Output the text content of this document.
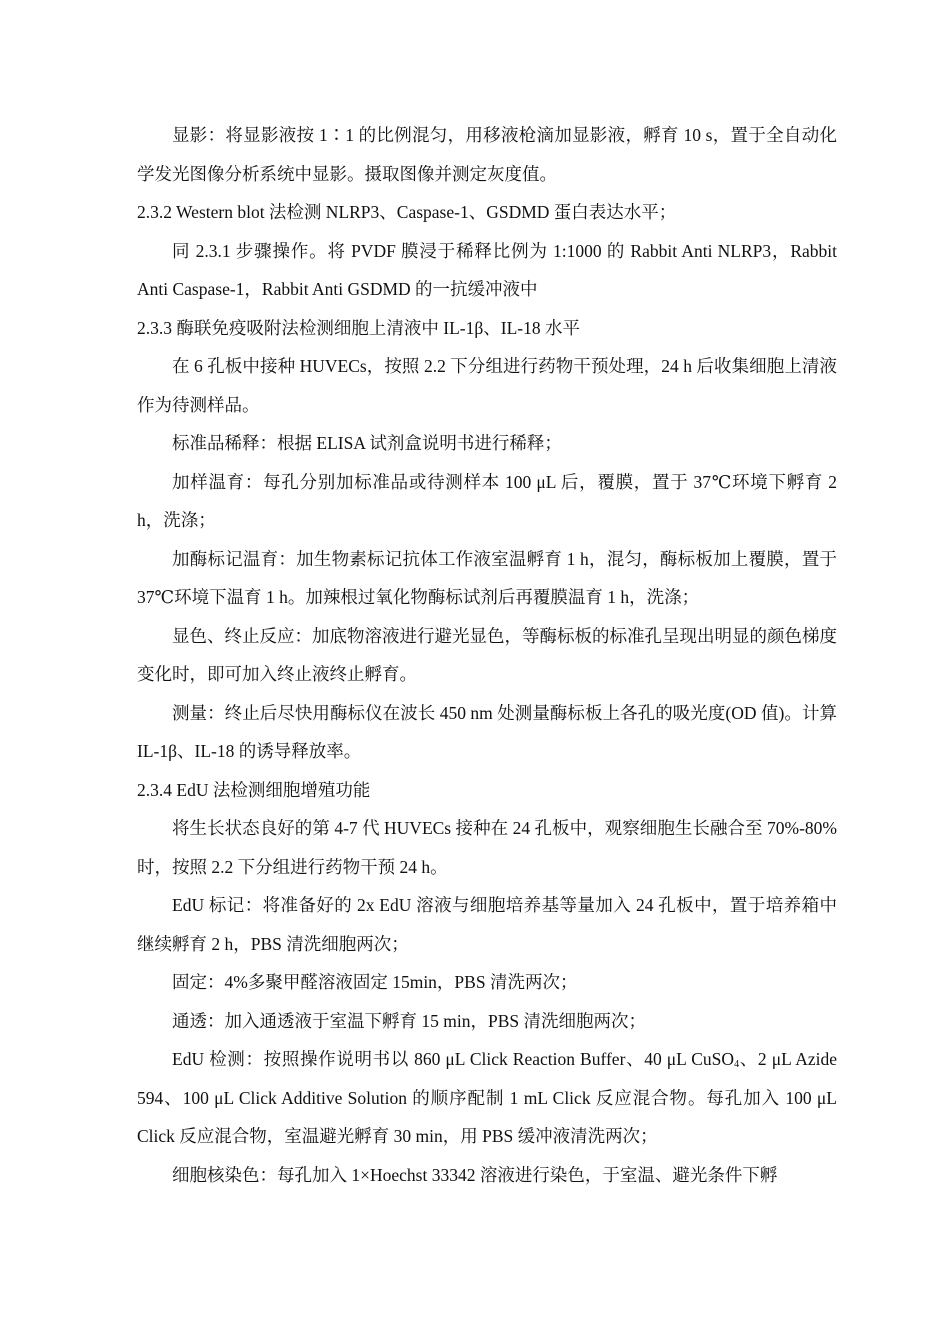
显影：将显影液按 1∶1 的比例混匀，用移液枪滴加显影液，孵育 10 s，置于全自动化学发光图像分析系统中显影。摄取图像并测定灰度值。

2.3.2 Western blot 法检测 NLRP3、Caspase-1、GSDMD 蛋白表达水平；

同 2.3.1 步骤操作。将 PVDF 膜浸于稀释比例为 1:1000 的 Rabbit Anti NLRP3，Rabbit Anti Caspase-1，Rabbit Anti GSDMD 的一抗缓冲液中

2.3.3 酶联免疫吸附法检测细胞上清液中 IL-1β、IL-18 水平

在 6 孔板中接种 HUVECs，按照 2.2 下分组进行药物干预处理，24 h 后收集细胞上清液作为待测样品。

标准品稀释：根据 ELISA 试剂盒说明书进行稀释；

加样温育：每孔分别加标准品或待测样本 100 μL 后，覆膜，置于 37℃环境下孵育 2 h，洗涤；

加酶标记温育：加生物素标记抗体工作液室温孵育 1 h，混匀，酶标板加上覆膜，置于 37℃环境下温育 1 h。加辣根过氧化物酶标试剂后再覆膜温育 1 h，洗涤；

显色、终止反应：加底物溶液进行避光显色，等酶标板的标准孔呈现出明显的颜色梯度变化时，即可加入终止液终止孵育。

测量：终止后尽快用酶标仪在波长 450 nm 处测量酶标板上各孔的吸光度(OD 值)。计算 IL-1β、IL-18 的诱导释放率。

2.3.4 EdU 法检测细胞增殖功能

将生长状态良好的第 4-7 代 HUVECs 接种在 24 孔板中，观察细胞生长融合至 70%-80%时，按照 2.2 下分组进行药物干预 24 h。

EdU 标记：将准备好的 2x EdU 溶液与细胞培养基等量加入 24 孔板中，置于培养箱中继续孵育 2 h，PBS 清洗细胞两次；

固定：4%多聚甲醛溶液固定 15min，PBS 清洗两次；

通透：加入通透液于室温下孵育 15 min，PBS 清洗细胞两次；

EdU 检测：按照操作说明书以 860 μL Click Reaction Buffer、40 μL CuSO$_4$、2 μL Azide 594、100 μL Click Additive Solution 的顺序配制 1 mL Click 反应混合物。每孔加入 100 μL Click 反应混合物，室温避光孵育 30 min，用 PBS 缓冲液清洗两次；

细胞核染色：每孔加入 1×Hoechst 33342 溶液进行染色，于室温、避光条件下孵
